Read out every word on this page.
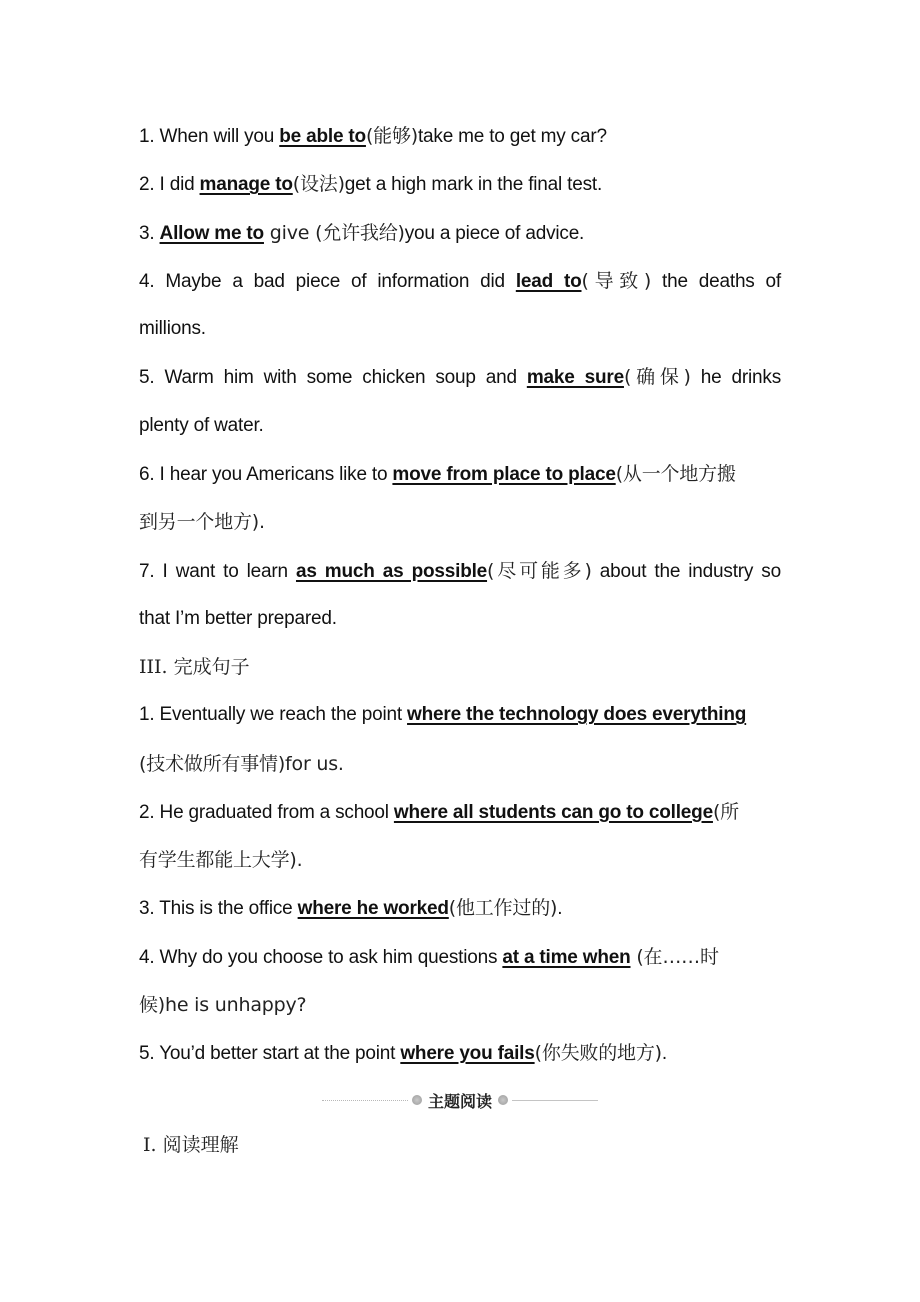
1. When will you be able to(能够)take me to get my car?
2. I did manage to(设法)get a high mark in the final test.
3. Allow me to give (允许我给)you a piece of advice.
4. Maybe a bad piece of information did lead to(导致) the deaths of
millions.
5. Warm him with some chicken soup and make sure(确保) he drinks
plenty of water.
6. I hear you Americans like to move from place to place(从一个地方搬
到另一个地方).
7. I want to learn as much as possible(尽可能多) about the industry so
that I’m better prepared.
III. 完成句子
1. Eventually we reach the point where the technology does everything
(技术做所有事情)for us.
2. He graduated from a school where all students can go to college(所
有学生都能上大学).
3. This is the office where he worked(他工作过的).
4. Why do you choose to ask him questions at a time when (在……时
候)he is unhappy?
5. You’d better start at the point where you fails(你失败的地方).
主题阅读
Ⅰ. 阅读理解
